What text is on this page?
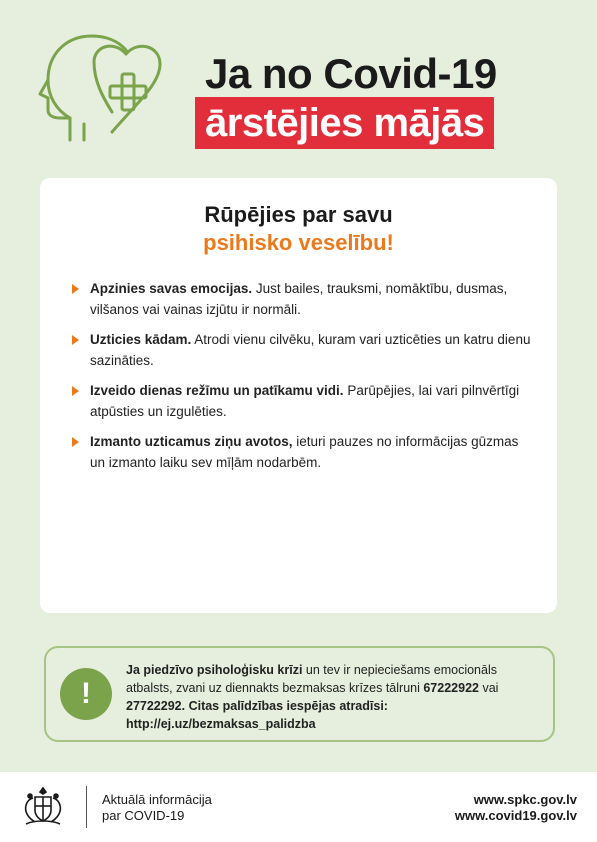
Ja no Covid-19
ārstējies mājās
Rūpējies par savu
psihisko veselību!
Apzinies savas emocijas. Just bailes, trauksmi, nomāktību, dusmas, vilšanos vai vainas izjūtu ir normāli.
Uzticies kādam. Atrodi vienu cilvēku, kuram vari uzticēties un katru dienu sazināties.
Izveido dienas režīmu un patīkamu vidi. Parūpējies, lai vari pilnvērtīgi atpūsties un izgulēties.
Izmanto uzticamus ziņu avotos, ieturi pauzes no informācijas gūzmas un izmanto laiku sev mīļām nodarbēm.
!
Ja piedzīvo psiholoģisku krīzi un tev ir nepieciešams emocionāls atbalsts, zvani uz diennakts bezmaksas krīzes tālruni 67222922 vai 27722292. Citas palīdzības iespējas atradīsi: http://ej.uz/bezmaksas_palidzba
Aktuālā informācija
par COVID-19
www.spkc.gov.lv
www.covid19.gov.lv
